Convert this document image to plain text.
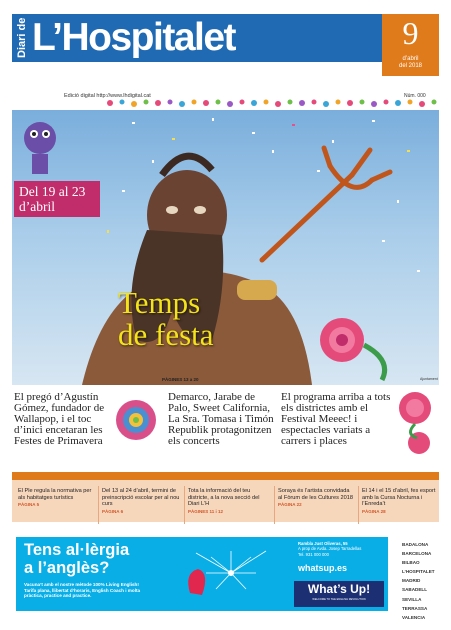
Diari de L’Hospitalet	9
d’abril
del 2018
Edició digital http://www.lhdigital.cat	Núm. 000
Del 19 al 23 d’abril
Temps de festa
PÀGINES 13 a 20	Ajuntament
El pregó d’Agustín Gómez, fundador de Wallapop, i el toc d’inici encetaran les Festes de Primavera
Demarco, Jarabe de Palo, Sweet California, La Sra. Tomasa i Timón Republik protagonitzen els concerts
El programa arriba a tots els districtes amb el Festival Meeec! i espectacles variats a carrers i places
El Ple regula la normativa per als habitatges turístics
PÀGINA 5
Del 13 al 24 d’abril, termini de preinscripció escolar per al nou curs
PÀGINA 6
Tota la informació del teu districte, a la nova secció del Diari L’H
PÀGINES 11 i 12
Soraya és l’artista convidada al Fòrum de les Cultures 2018
PÀGINA 22
El 14 i el 15 d’abril, fes esport amb la Cursa Nocturna i l’Enreda’t
PÀGINA 28
Tens al·lèrgia
a l’anglès?
Vacuna’t amb el nostre mètode 100% Living English! Tarifa plana, llibertat d’horaris, English Coach i molta pràctica, practice and practice.
Rambla Just Oliveras, 55
A prop de Avda. Josep Tarradellas
Tel. 931 000 000
whatsup.es
What’s Up!
WELCOME TO THE ENGLISH REVOLUTION
BADALONA
BARCELONA
BILBAO
L’HOSPITALET
MADRID
SABADELL
SEVILLA
TERRASSA
VALENCIA
